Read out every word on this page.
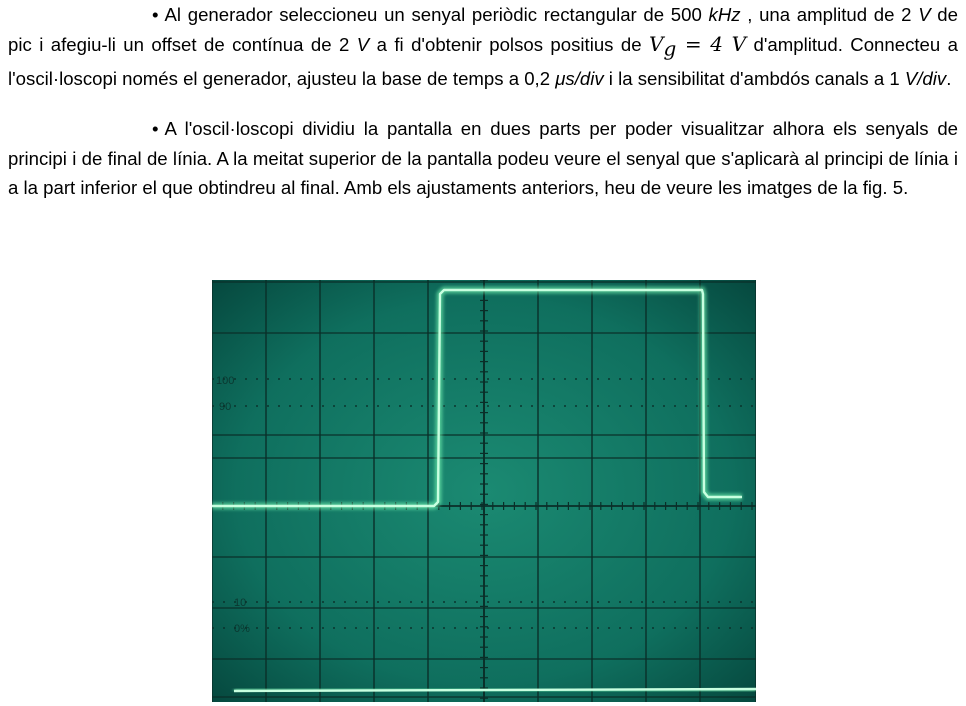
• Al generador seleccioneu un senyal periòdic rectangular de 500 kHz , una amplitud de 2 V de pic i afegiu-li un offset de contínua de 2 V a fi d'obtenir polsos positius de $V_g = 4$ V d'amplitud. Connecteu a l'oscil·loscopi només el generador, ajusteu la base de temps a 0,2 μs/div i la sensibilitat d'ambdós canals a 1 V/div.

• A l'oscil·loscopi dividiu la pantalla en dues parts per poder visualitzar alhora els senyals de principi i de final de línia. A la meitat superior de la pantalla podeu veure el senyal que s'aplicarà al principi de línia i a la part inferior el que obtindreu al final. Amb els ajustaments anteriors, heu de veure les imatges de la fig. 5.

100
90
10
0%
